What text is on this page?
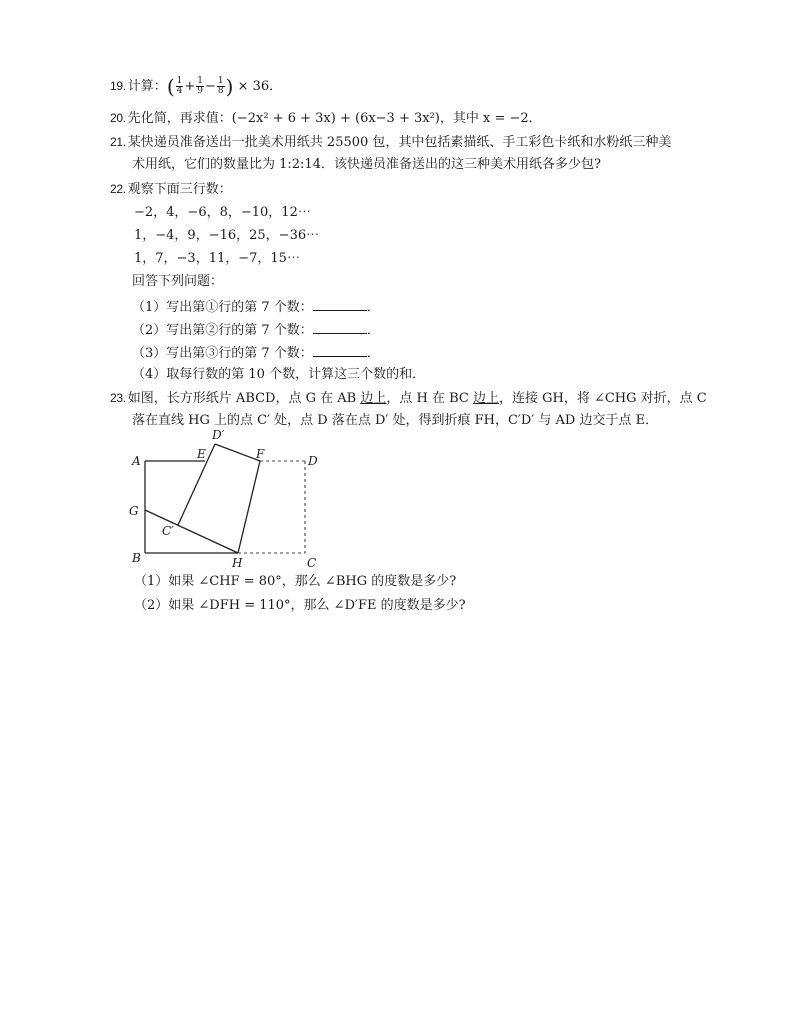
19. 计算：( $\frac{1}{4} + \frac{1}{9} - \frac{1}{8}$ ) × 36．
20. 先化简，再求值：(−2x² + 6 + 3x) + (6x−3 + 3x²)，其中 x = −2．
21. 某快递员准备送出一批美术用纸共 25500 包，其中包括素描纸、手工彩色卡纸和水粉纸三种美
术用纸，它们的数量比为 1:2:14．该快递员准备送出的这三种美术用纸各多少包?
22. 观察下面三行数：
−2，4，−6，8，−10，12⋯
1，−4，9，−16，25，−36⋯
1，7，−3，11，−7，15⋯
回答下列问题：
（1）写出第①行的第 7 个数：	．
（2）写出第②行的第 7 个数：	．
（3）写出第③行的第 7 个数：	．
（4）取每行数的第 10 个数，计算这三个数的和．
23. 如图，长方形纸片 ABCD，点 G 在 AB 边上，点 H 在 BC 边上，连接 GH，将 ∠CHG 对折，点 C
落在直线 HG 上的点 C′ 处，点 D 落在点 D′ 处，得到折痕 FH，C′D′ 与 AD 边交于点 E．
A
B	C
D
E	F
G
H
C′
D′
（1）如果 ∠CHF = 80°，那么 ∠BHG 的度数是多少?
（2）如果 ∠DFH = 110°，那么 ∠D′FE 的度数是多少?
